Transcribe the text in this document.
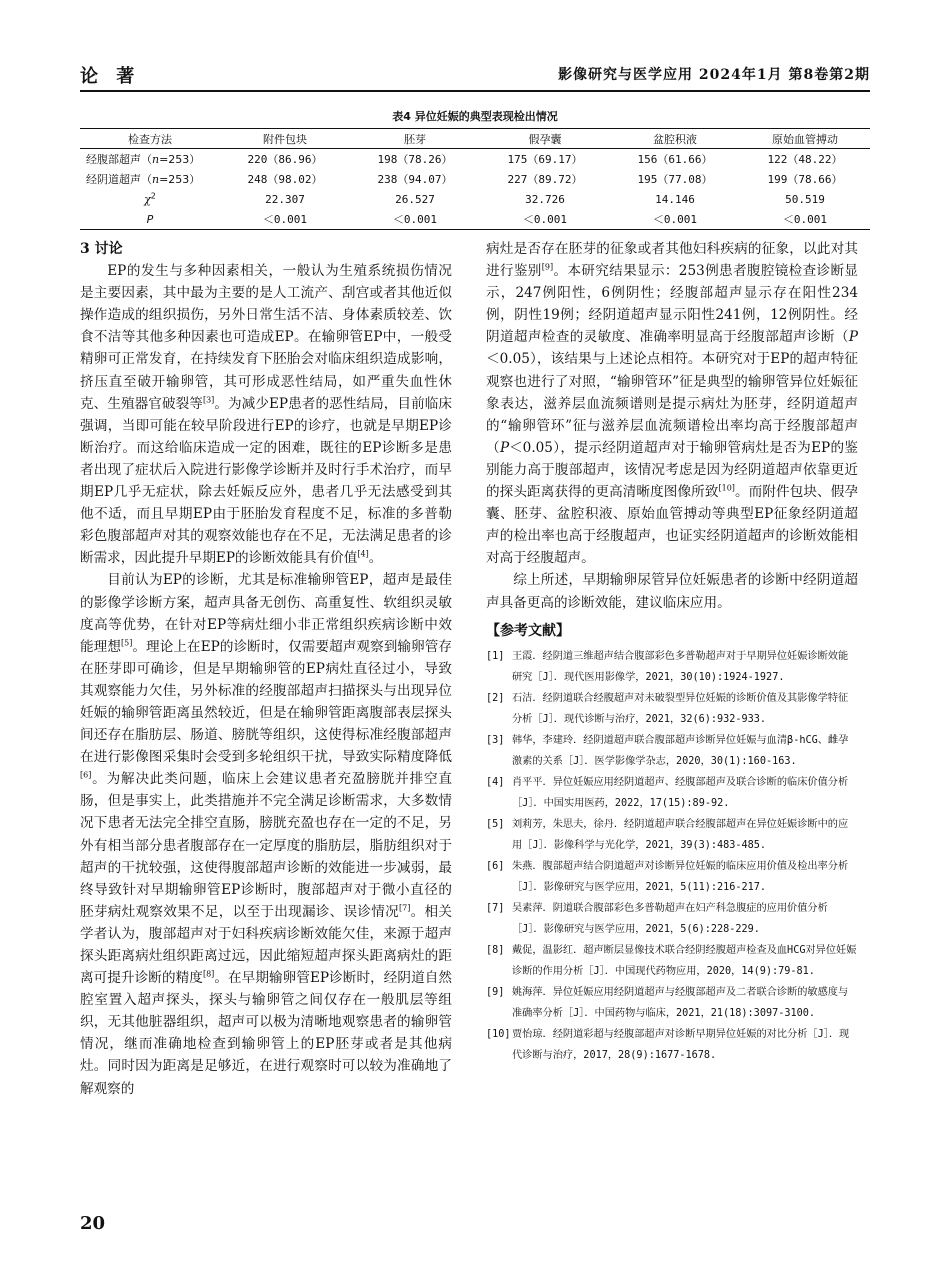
论 著	影像研究与医学应用 2024年1月 第8卷第2期
表4 异位妊娠的典型表现检出情况
检查方法	附件包块	胚芽	假孕囊	盆腔积液	原始血管搏动
经腹部超声（n=253）	220（86.96）	198（78.26）	175（69.17）	156（61.66）	122（48.22）
经阴道超声（n=253）	248（98.02）	238（94.07）	227（89.72）	195（77.08）	199（78.66）
$\chi^2$	22.307	26.527	32.726	14.146	50.519
P	＜0.001	＜0.001	＜0.001	＜0.001	＜0.001

3 讨论

EP的发生与多种因素相关，一般认为生殖系统损伤情况是主要因素，其中最为主要的是人工流产、刮宫或者其他近似操作造成的组织损伤，另外日常生活不洁、身体素质较差、饮食不洁等其他多种因素也可造成EP。在输卵管EP中，一般受精卵可正常发育，在持续发育下胚胎会对临床组织造成影响，挤压直至破开输卵管，其可形成恶性结局，如严重失血性休克、生殖器官破裂等[3]。为减少EP患者的恶性结局，目前临床强调，当即可能在较早阶段进行EP的诊疗，也就是早期EP诊断治疗。而这给临床造成一定的困难，既往的EP诊断多是患者出现了症状后入院进行影像学诊断并及时行手术治疗，而早期EP几乎无症状，除去妊娠反应外，患者几乎无法感受到其他不适，而且早期EP由于胚胎发育程度不足，标准的多普勒彩色腹部超声对其的观察效能也存在不足，无法满足患者的诊断需求，因此提升早期EP的诊断效能具有价值[4]。

目前认为EP的诊断，尤其是标准输卵管EP，超声是最佳的影像学诊断方案，超声具备无创伤、高重复性、软组织灵敏度高等优势，在针对EP等病灶细小非正常组织疾病诊断中效能理想[5]。理论上在EP的诊断时，仅需要超声观察到输卵管存在胚芽即可确诊，但是早期输卵管的EP病灶直径过小，导致其观察能力欠佳，另外标准的经腹部超声扫描探头与出现异位妊娠的输卵管距离虽然较近，但是在输卵管距离腹部表层探头间还存在脂肪层、肠道、膀胱等组织，这使得标准经腹部超声在进行影像图采集时会受到多轮组织干扰，导致实际精度降低[6]。为解决此类问题，临床上会建议患者充盈膀胱并排空直肠，但是事实上，此类措施并不完全满足诊断需求，大多数情况下患者无法完全排空直肠，膀胱充盈也存在一定的不足，另外有相当部分患者腹部存在一定厚度的脂肪层，脂肪组织对于超声的干扰较强，这使得腹部超声诊断的效能进一步减弱，最终导致针对早期输卵管EP诊断时，腹部超声对于微小直径的胚芽病灶观察效果不足，以至于出现漏诊、误诊情况[7]。相关学者认为，腹部超声对于妇科疾病诊断效能欠佳，来源于超声探头距离病灶组织距离过远，因此缩短超声探头距离病灶的距离可提升诊断的精度[8]。在早期输卵管EP诊断时，经阴道自然腔室置入超声探头，探头与输卵管之间仅存在一般肌层等组织，无其他脏器组织，超声可以极为清晰地观察患者的输卵管情况，继而准确地检查到输卵管上的EP胚芽或者是其他病灶。同时因为距离是足够近，在进行观察时可以较为准确地了解观察的

病灶是否存在胚芽的征象或者其他妇科疾病的征象，以此对其进行鉴别[9]。本研究结果显示：253例患者腹腔镜检查诊断显示，247例阳性，6例阴性；经腹部超声显示存在阳性234例，阴性19例；经阴道超声显示阳性241例，12例阴性。经阴道超声检查的灵敏度、准确率明显高于经腹部超声诊断（P＜0.05），该结果与上述论点相符。本研究对于EP的超声特征观察也进行了对照，“输卵管环”征是典型的输卵管异位妊娠征象表达，滋养层血流频谱则是提示病灶为胚芽，经阴道超声的“输卵管环”征与滋养层血流频谱检出率均高于经腹部超声（P＜0.05），提示经阴道超声对于输卵管病灶是否为EP的鉴别能力高于腹部超声，该情况考虑是因为经阴道超声依靠更近的探头距离获得的更高清晰度图像所致[10]。而附件包块、假孕囊、胚芽、盆腔积液、原始血管搏动等典型EP征象经阴道超声的检出率也高于经腹超声，也证实经阴道超声的诊断效能相对高于经腹超声。

综上所述，早期输卵尿管异位妊娠患者的诊断中经阴道超声具备更高的诊断效能，建议临床应用。

【参考文献】
[1] 王霞．经阴道三维超声结合腹部彩色多普勒超声对于早期异位妊娠诊断效能研究［J］．现代医用影像学，2021，30(10):1924-1927.
[2] 石洁．经阴道联合经腹超声对未破裂型异位妊娠的诊断价值及其影像学特征分析［J］．现代诊断与治疗，2021，32(6):932-933.
[3] 韩华，李建玲．经阴道超声联合腹部超声诊断异位妊娠与血清β-hCG、雌孕激素的关系［J］．医学影像学杂志，2020，30(1):160-163.
[4] 肖平平．异位妊娠应用经阴道超声、经腹部超声及联合诊断的临床价值分析［J］．中国实用医药，2022，17(15):89-92.
[5] 刘莉芳，朱思夫，徐丹．经阴道超声联合经腹部超声在异位妊娠诊断中的应用［J］．影像科学与光化学，2021，39(3):483-485.
[6] 朱燕．腹部超声结合阴道超声对诊断异位妊娠的临床应用价值及检出率分析［J］．影像研究与医学应用，2021，5(11):216-217.
[7] 吴素萍．阴道联合腹部彩色多普勒超声在妇产科急腹症的应用价值分析［J］．影像研究与医学应用，2021，5(6):228-229.
[8] 戴促，温影红．超声断层显像技术联合经阴经腹超声检查及血HCG对异位妊娠诊断的作用分析［J］．中国现代药物应用，2020，14(9):79-81.
[9] 姚海萍．异位妊娠应用经阴道超声与经腹部超声及二者联合诊断的敏感度与准确率分析［J］．中国药物与临床，2021，21(18):3097-3100.
[10] 贾怡琼．经阴道彩超与经腹部超声对诊断早期异位妊娠的对比分析［J］．现代诊断与治疗，2017，28(9):1677-1678.
20
